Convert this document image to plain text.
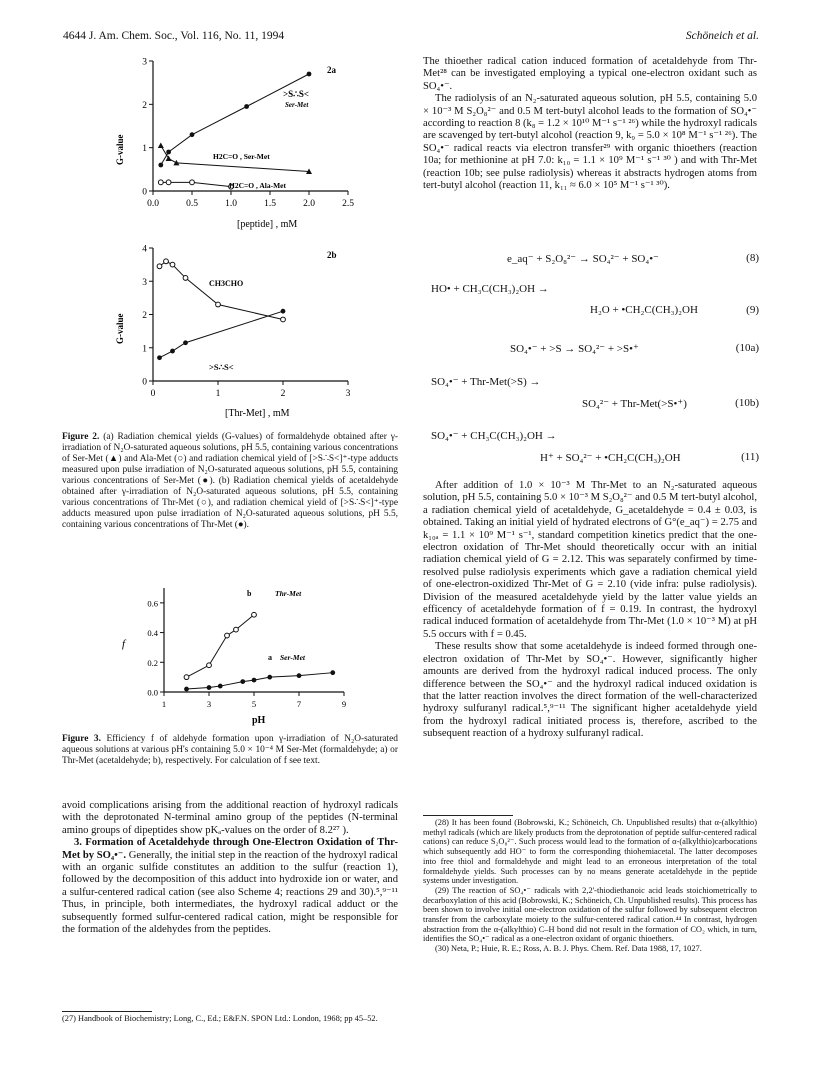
4644 J. Am. Chem. Soc., Vol. 116, No. 11, 1994	Schöneich et al.
0.0	0.5	1.0	1.5	2.0	2.5
0
1
2
3
[peptide] , mM
G-value
2a
>S∴S<
Ser-Met
H2C=O , Ser-Met
H2C=O , Ala-Met
0	1	2	3
0
1
2
3
4
[Thr-Met] , mM
G-value
2b
CH3CHO
>S∴S<

Figure 2. (a) Radiation chemical yields (G-values) of formaldehyde obtained after γ-irradiation of N₂O-saturated aqueous solutions, pH 5.5, containing various concentrations of Ser-Met (▲) and Ala-Met (○) and radiation chemical yield of [>S∴S<]⁺-type adducts measured upon pulse irradiation of N₂O-saturated aqueous solutions, pH 5.5, containing various concentrations of Ser-Met (●). (b) Radiation chemical yields of acetaldehyde obtained after γ-irradiation of N₂O-saturated aqueous solutions, pH 5.5, containing various concentrations of Thr-Met (○), and radiation chemical yield of [>S∴S<]⁺-type adducts measured upon pulse irradiation of N₂O-saturated aqueous solutions, pH 5.5, containing various concentrations of Thr-Met (●).

1	3	5	7	9
0.0
0.2
0.4
0.6
pH
f
b	Thr-Met
a Ser-Met

Figure 3. Efficiency f of aldehyde formation upon γ-irradiation of N₂O-saturated aqueous solutions at various pH's containing 5.0 × 10⁻⁴ M Ser-Met (formaldehyde; a) or Thr-Met (acetaldehyde; b), respectively. For calculation of f see text.

avoid complications arising from the additional reaction of hydroxyl radicals with the deprotonated N-terminal amino group of the peptides (N-terminal amino groups of dipeptides show pKₐ-values on the order of 8.2²⁷ ).

3. Formation of Acetaldehyde through One-Electron Oxidation of Thr-Met by SO₄•⁻. Generally, the initial step in the reaction of the hydroxyl radical with an organic sulfide constitutes an addition to the sulfur (reaction 1), followed by the decomposition of this adduct into hydroxide ion or water, and a sulfur-centered radical cation (see also Scheme 4; reactions 29 and 30).⁵,⁹⁻¹¹ Thus, in principle, both intermediates, the hydroxyl radical adduct or the subsequently formed sulfur-centered radical cation, might be responsible for the formation of the aldehydes from the peptides.

(27) Handbook of Biochemistry; Long, C., Ed.; E&F.N. SPON Ltd.: London, 1968; pp 45–52.

The thioether radical cation induced formation of acetaldehyde from Thr-Met²⁸ can be investigated employing a typical one-electron oxidant such as SO₄•⁻.

The radiolysis of an N₂-saturated aqueous solution, pH 5.5, containing 5.0 × 10⁻³ M S₂O₈²⁻ and 0.5 M tert-butyl alcohol leads to the formation of SO₄•⁻ according to reaction 8 (k₈ = 1.2 × 10¹⁰ M⁻¹ s⁻¹ ²⁶) while the hydroxyl radicals are scavenged by tert-butyl alcohol (reaction 9, k₉ = 5.0 × 10⁸ M⁻¹ s⁻¹ ²⁶). The SO₄•⁻ radical reacts via electron transfer²⁹ with organic thioethers (reaction 10a; for methionine at pH 7.0: k₁₀ = 1.1 × 10⁹ M⁻¹ s⁻¹ ³⁰ ) and with Thr-Met (reaction 10b; see pulse radiolysis) whereas it abstracts hydrogen atoms from tert-butyl alcohol (reaction 11, k₁₁ ≈ 6.0 × 10⁵ M⁻¹ s⁻¹ ³⁰).

e_aq⁻ + S₂O₈²⁻ → SO₄²⁻ + SO₄•⁻	(8)
HO• + CH₃C(CH₃)₂OH →
H₂O + •CH₂C(CH₃)₂OH	(9)
SO₄•⁻ + >S → SO₄²⁻ + >S•⁺	(10a)
SO₄•⁻ + Thr-Met(>S) →
SO₄²⁻ + Thr-Met(>S•⁺)	(10b)
SO₄•⁻ + CH₃C(CH₃)₂OH →
H⁺ + SO₄²⁻ + •CH₂C(CH₃)₂OH	(11)

After addition of 1.0 × 10⁻³ M Thr-Met to an N₂-saturated aqueous solution, pH 5.5, containing 5.0 × 10⁻³ M S₂O₈²⁻ and 0.5 M tert-butyl alcohol, a radiation chemical yield of acetaldehyde, G_acetaldehyde = 0.4 ± 0.03, is obtained. Taking an initial yield of hydrated electrons of G°(e_aq⁻) = 2.75 and k₁₀ₐ = 1.1 × 10⁹ M⁻¹ s⁻¹, standard competition kinetics predict that the one-electron oxidation of Thr-Met should theoretically occur with an initial radiation chemical yield of G = 2.12. This was separately confirmed by time-resolved pulse radiolysis experiments which gave a radiation chemical yield of one-electron-oxidized Thr-Met of G = 2.10 (vide infra: pulse radiolysis). Division of the measured acetaldehyde yield by the latter value yields an efficency of acetaldehyde formation of f = 0.19. In contrast, the hydroxyl radical induced formation of acetaldehyde from Thr-Met (1.0 × 10⁻³ M) at pH 5.5 occurs with f = 0.45.

These results show that some acetaldehyde is indeed formed through one-electron oxidation of Thr-Met by SO₄•⁻. However, significantly higher amounts are derived from the hydroxyl radical induced process. The only difference between the SO₄•⁻ and the hydroxyl radical induced oxidation is that the latter reaction involves the direct formation of the well-characterized hydroxy sulfuranyl radical.⁵,⁹⁻¹¹ The significant higher acetaldehyde yield from the hydroxyl radical initiated process is, therefore, ascribed to the subsequent reaction of a hydroxy sulfuranyl radical.

(28) It has been found (Bobrowski, K.; Schöneich, Ch. Unpublished results) that α-(alkylthio) methyl radicals (which are likely products from the deprotonation of peptide sulfur-centered radical cations) can reduce S₂O₈²⁻. Such process would lead to the formation of α-(alkylthio)carbocations which subsequently add HO⁻ to form the corresponding thiohemiacetal. The latter decomposes into free thiol and formaldehyde and might lead to an erroneous interpretation of the total formaldehyde yields. Such processes can by no means generate acetaldehyde in the peptide systems under investigation.

(29) The reaction of SO₄•⁻ radicals with 2,2'-thiodiethanoic acid leads stoichiometrically to decarboxylation of this acid (Bobrowski, K.; Schöneich, Ch. Unpublished results). This process has been shown to involve initial one-electron oxidation of the sulfur followed by subsequent electron transfer from the carboxylate moiety to the sulfur-centered radical cation.⁴⁴ In contrast, hydrogen abstraction from the α-(alkylthio) C–H bond did not result in the formation of CO₂ which, in turn, identifies the SO₄•⁻ radical as a one-electron oxidant of organic thioethers.

(30) Neta, P.; Huie, R. E.; Ross, A. B. J. Phys. Chem. Ref. Data 1988, 17, 1027.
